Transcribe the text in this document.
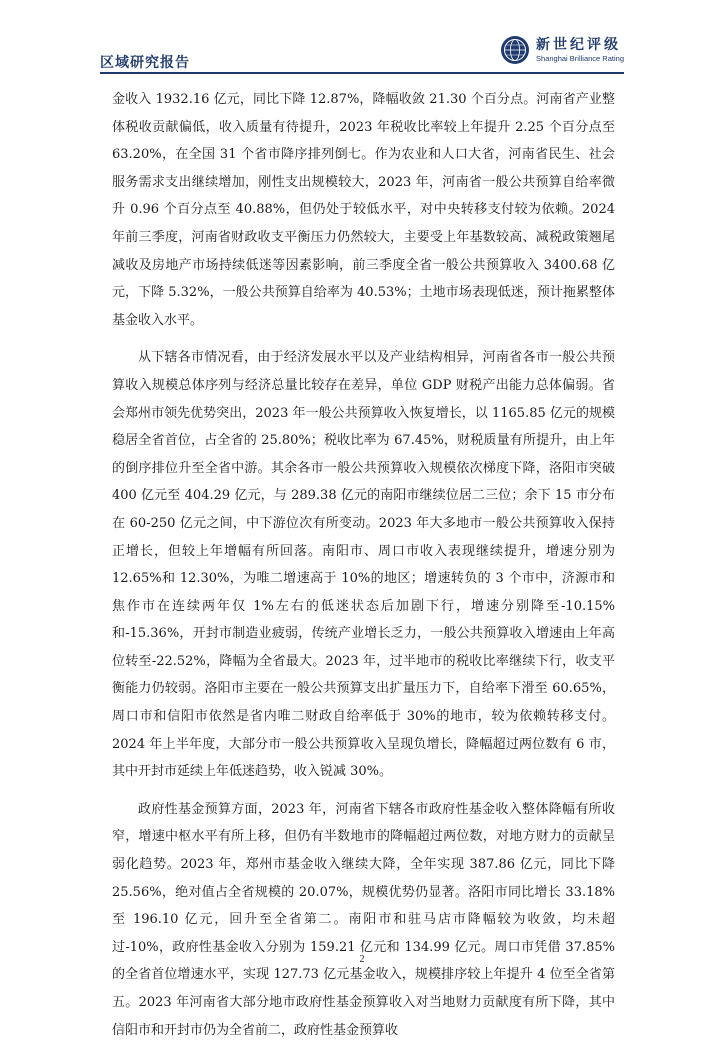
区域研究报告
新世纪评级
Shanghai Brilliance Rating

金收入 1932.16 亿元，同比下降 12.87%，降幅收敛 21.30 个百分点。河南省产业整体税收贡献偏低，收入质量有待提升，2023 年税收比率较上年提升 2.25 个百分点至 63.20%，在全国 31 个省市降序排列倒七。作为农业和人口大省，河南省民生、社会服务需求支出继续增加，刚性支出规模较大，2023 年，河南省一般公共预算自给率微升 0.96 个百分点至 40.88%，但仍处于较低水平，对中央转移支付较为依赖。2024 年前三季度，河南省财政收支平衡压力仍然较大，主要受上年基数较高、减税政策翘尾减收及房地产市场持续低迷等因素影响，前三季度全省一般公共预算收入 3400.68 亿元，下降 5.32%，一般公共预算自给率为 40.53%；土地市场表现低迷，预计拖累整体基金收入水平。

从下辖各市情况看，由于经济发展水平以及产业结构相异，河南省各市一般公共预算收入规模总体序列与经济总量比较存在差异，单位 GDP 财税产出能力总体偏弱。省会郑州市领先优势突出，2023 年一般公共预算收入恢复增长，以 1165.85 亿元的规模稳居全省首位，占全省的 25.80%；税收比率为 67.45%，财税质量有所提升，由上年的倒序排位升至全省中游。其余各市一般公共预算收入规模依次梯度下降，洛阳市突破 400 亿元至 404.29 亿元，与 289.38 亿元的南阳市继续位居二三位；余下 15 市分布在 60-250 亿元之间，中下游位次有所变动。2023 年大多地市一般公共预算收入保持正增长，但较上年增幅有所回落。南阳市、周口市收入表现继续提升，增速分别为 12.65%和 12.30%，为唯二增速高于 10%的地区；增速转负的 3 个市中，济源市和焦作市在连续两年仅 1%左右的低迷状态后加剧下行，增速分别降至-10.15%和-15.36%，开封市制造业疲弱，传统产业增长乏力，一般公共预算收入增速由上年高位转至-22.52%，降幅为全省最大。2023 年，过半地市的税收比率继续下行，收支平衡能力仍较弱。洛阳市主要在一般公共预算支出扩量压力下，自给率下滑至 60.65%，周口市和信阳市依然是省内唯二财政自给率低于 30%的地市，较为依赖转移支付。2024 年上半年度，大部分市一般公共预算收入呈现负增长，降幅超过两位数有 6 市，其中开封市延续上年低迷趋势，收入锐减 30%。

政府性基金预算方面，2023 年，河南省下辖各市政府性基金收入整体降幅有所收窄，增速中枢水平有所上移，但仍有半数地市的降幅超过两位数，对地方财力的贡献呈弱化趋势。2023 年，郑州市基金收入继续大降，全年实现 387.86 亿元，同比下降 25.56%，绝对值占全省规模的 20.07%，规模优势仍显著。洛阳市同比增长 33.18%至 196.10 亿元，回升至全省第二。南阳市和驻马店市降幅较为收敛，均未超过-10%，政府性基金收入分别为 159.21 亿元和 134.99 亿元。周口市凭借 37.85%的全省首位增速水平，实现 127.73 亿元基金收入，规模排序较上年提升 4 位至全省第五。2023 年河南省大部分地市政府性基金预算收入对当地财力贡献度有所下降，其中信阳市和开封市仍为全省前二，政府性基金预算收

2
